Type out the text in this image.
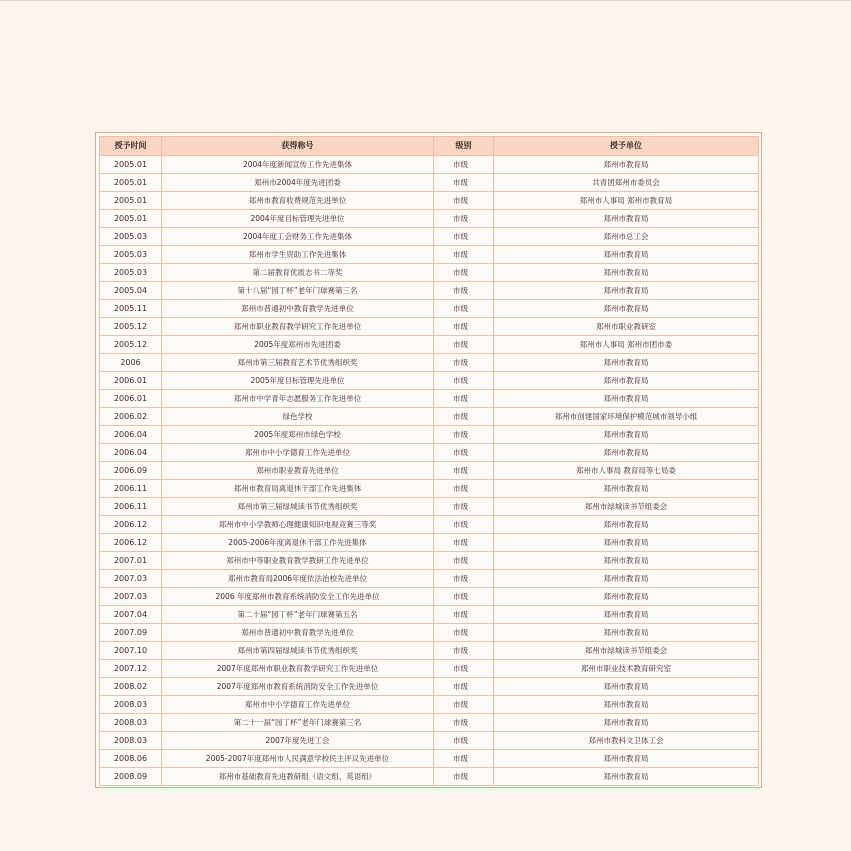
授予时间	获得称号	级别	授予单位
2005.01	2004年度新闻宣传工作先进集体	市级	郑州市教育局
2005.01	郑州市2004年度先进团委	市级	共青团郑州市委员会
2005.01	郑州市教育收费规范先进单位	市级	郑州市人事局 郑州市教育局
2005.01	2004年度目标管理先进单位	市级	郑州市教育局
2005.03	2004年度工会财务工作先进集体	市级	郑州市总工会
2005.03	郑州市学生资助工作先进集体	市级	郑州市教育局
2005.03	第二届教育优质志书二等奖	市级	郑州市教育局
2005.04	第十八届“园丁杯”老年门球赛第三名	市级	郑州市教育局
2005.11	郑州市普通初中教育教学先进单位	市级	郑州市教育局
2005.12	郑州市职业教育教学研究工作先进单位	市级	郑州市职业教研室
2005.12	2005年度郑州市先进团委	市级	郑州市人事局 郑州市团市委
2006	郑州市第三届教育艺术节优秀组织奖	市级	郑州市教育局
2006.01	2005年度目标管理先进单位	市级	郑州市教育局
2006.01	郑州市中学青年志愿服务工作先进单位	市级	郑州市教育局
2006.02	绿色学校	市级	郑州市创建国家环境保护模范城市领导小组
2006.04	2005年度郑州市绿色学校	市级	郑州市教育局
2006.04	郑州市中小学德育工作先进单位	市级	郑州市教育局
2006.09	郑州市职业教育先进单位	市级	郑州市人事局 教育局等七局委
2006.11	郑州市教育局离退休干部工作先进集体	市级	郑州市教育局
2006.11	郑州市第三届绿城读书节优秀组织奖	市级	郑州市绿城读书节组委会
2006.12	郑州市中小学教师心理健康知识电视竞赛三等奖	市级	郑州市教育局
2006.12	2005-2006年度离退休干部工作先进集体	市级	郑州市教育局
2007.01	郑州市中等职业教育教学教研工作先进单位	市级	郑州市教育局
2007.03	郑州市教育局2006年度依法治校先进单位	市级	郑州市教育局
2007.03	2006 年度郑州市教育系统消防安全工作先进单位	市级	郑州市教育局
2007.04	第二十届“园丁杯”老年门球赛第五名	市级	郑州市教育局
2007.09	郑州市普通初中教育教学先进单位	市级	郑州市教育局
2007.10	郑州市第四届绿城读书节优秀组织奖	市级	郑州市绿城读书节组委会
2007.12	2007年度郑州市职业教育教学研究工作先进单位	市级	郑州市职业技术教育研究室
2008.02	2007年度郑州市教育系统消防安全工作先进单位	市级	郑州市教育局
2008.03	郑州市中小学德育工作先进单位	市级	郑州市教育局
2008.03	第二十一届“园丁杯”老年门球赛第三名	市级	郑州市教育局
2008.03	2007年度先进工会	市级	郑州市教科文卫体工会
2008.06	2005-2007年度郑州市人民满意学校民主评议先进单位	市级	郑州市教育局
2008.09	郑州市基础教育先进教研组（语文组、英语组）	市级	郑州市教育局
